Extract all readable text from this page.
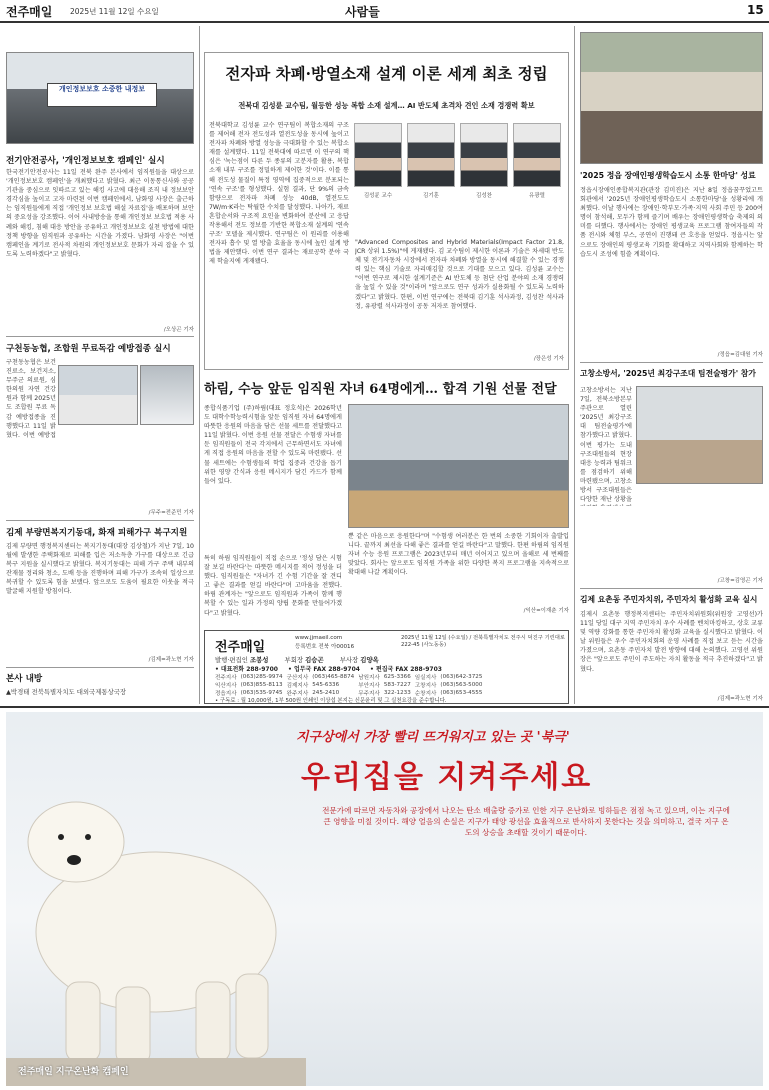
전주매일 2025년 11월 12일 수요일	사람들	15
개인정보보호 소중한 내정보
전기안전공사, '개인정보보호 캠페인' 실시
한국전기안전공사는 11일 전북 완주 본사에서 임직원들을 대상으로 '개인정보보호 캠페인'을 개최했다고 밝혔다. 최근 이동통신사와 공공기관을 중심으로 잇따르고 있는 해킹 사고에 대응해 조직 내 정보보안 경각심을 높이고 고자 마련된 이번 캠페인에서, 남화영 사장은 출근하는 임직원들에게 직접 '개인정보 보호법 해설 자료집'을 배포하며 보안의 중요성을 강조했다. 이어 사내방송을 통해 개인정보 보호법 적용 사례와 해킹, 침해 대응 방안을 공유하고 개인정보보호 실천 방법에 대한 정책 방향을 임직원과 공유하는 시간을 가졌다. 남화영 사장은 "이번 캠페인을 계기로 전사적 차원의 개인정보보호 문화가 자리 잡을 수 있도록 노력하겠다"고 밝혔다.
/오상곤 기자
구천동농협, 조합원 무료독감 예방접종 실시
구천동농협은 보건진료소, 보건지소, 무주군 의료원, 심한의원 자연 건강원과 함께 2025년도 조합원 무료 독감 예방접종을 진행했다고 11일 밝혔다. 이번 예방접
/무주=전준민 기자
김제 부량면복지기동대, 화재 피해가구 복구지원
김제 부량면 행정복지센터는 복지기동대(대장 김상철)가 지난 7일, 10월에 발생한 주택화재로 피해를 입은 저소득층 가구를 대상으로 긴급 복구 지원을 실시했다고 밝혔다. 복지기동대는 피해 가구 주택 내부의 잔재물 정리와 청소, 도배 등을 진행하며 피해 가구가 조속히 일상으로 복귀할 수 있도록 힘을 보탰다. 앞으로도 도움이 필요한 이웃을 적극 발굴해 지원할 방침이다.
/김제=곽노현 기자
본사 내방
▲박경태 전북특별자치도 대외국제통상국장
전자파 차폐·방열소재 설계 이론 세계 최초 정립
전북대 김성륜 교수팀, 월등한 성능 복합 소재 설계… AI 반도체 초격차 견인 소재 경쟁력 확보
전북대학교 김성륜 교수 연구팀이 복합소재의 구조를 제어해 전자 전도성과 열전도성을 동시에 높이고 전자파 차폐와 방열 성능을 극대화할 수 있는 복합소재를 설계했다. 11일 전북대에 따르면 이 연구의 핵심은 '녹는점이 다른 두 종류의 고분자를 활용, 복합소재 내부 구조를 정밀하게 제어한 것'이다. 이를 통해 전도성 물질이 특정 영역에 집중적으로 분포되는 '연속 구조'를 형성했다. 실험 결과, 단 9%의 금속 함량으로 전자파 차폐 성능 40dB, 열전도도 7W/m·K라는 탁월한 수치를 달성했다. 나아가, 재료 혼합순서와 구조적 요인을 변화하여 분산에 고 응답 작용해서 전도 정보를 기반한 복합소재 설계의 '연속 구조' 모델을 제시했다. 연구팀은 이 원리를 이용해 전자파 흡수 및 열 방출 효율을 동시에 높인 설계 방법을 제안했다. 이번 연구 결과는 재료공학 분야 국제 학술지에 게재됐다.
김성륜 교수	김기훈	김성찬	유광렬
"Advanced Composites and Hybrid Materials(Impact Factor 21.8, JCR 상위 1.5%)"에 게재됐다. 김 교수팀이 제시한 이론과 기술은 차세대 반도체 및 전기자동차 시장에서 전자파 차폐와 방열을 동시에 해결할 수 있는 경쟁력 있는 핵심 기술로 자리매김할 것으로 기대를 모으고 있다. 김성륜 교수는 "이번 연구로 제시한 설계기준은 AI 반도체 등 첨단 산업 분야의 소재 경쟁력을 높일 수 있을 것"이라며 "앞으로도 연구 성과가 실용화될 수 있도록 노력하겠다"고 밝혔다. 한편, 이번 연구에는 전북대 김기훈 석사과정, 김성찬 석사과정, 유광렬 석사과정이 공동 저자로 참여했다.
/장은성 기자
하림, 수능 앞둔 임직원 자녀 64명에게… 합격 기원 선물 전달
종합식품기업 (주)하림(대표 정호석)은 2026학년도 대학수학능력시험을 앞둔 임직원 자녀 64명에게 따뜻한 응원의 마음을 담은 선물 세트를 전달했다고 11일 밝혔다. 이번 응원 선물 전달은 수험생 자녀를 둔 임직원들이 전국 각지에서 근무하면서도 자녀에게 직접 응원의 마음을 전할 수 있도록 마련됐다. 선물 세트에는 수험생들의 학업 집중과 건강을 돕기 위한 영양 간식과 응원 메시지가 담긴 카드가 함께 들어 있다.
특히 하림 임직원들이 직접 손으로 '정성 담은 시험 잘 보길 바란다'는 따뜻한 메시지를 적어 정성을 더했다. 임직원들은 "자녀가 긴 수험 기간을 잘 견디고 좋은 결과를 얻길 바란다"며 고마움을 전했다. 하림 관계자는 "앞으로도 임직원과 가족이 함께 행복할 수 있는 일과 가정의 양립 문화를 만들어가겠다"고 밝혔다.
뿐 같은 마음으로 응원한다"며 "수험생 여러분은 한 번의 소중한 기회이자 출발입니다. 끝까지 최선을 다해 좋은 결과를 얻길 바란다"고 말했다. 한편 하림의 임직원 자녀 수능 응원 프로그램은 2023년부터 매년 이어지고 있으며 올해로 세 번째를 맞았다. 회사는 앞으로도 임직원 가족을 위한 다양한 복지 프로그램을 지속적으로 확대해 나갈 계획이다.
/익산=이재춘 기자
전주매일
www.jjmaeil.com
등록번호 전북 아00016
2025년 11월 12일 (수요일) / 전북특별자치도 전주시 덕진구 기린대로 222-45 (사노동동)
발행·편집인 조봉성	부회장 김승곤	부사장 김양옥
• 대표전화 288-9700 • 업무국 FAX 288-9704 • 편집국 FAX 288-9703
전주지사	(063)285-9974	군산지사	(063)465-8874	남원지사	625-3366	임실지사	(063)642-3725
익산지사	(063)855-8113	김제지사	545-6336	부안지사	583-7227	고창지사	(063)563-5000
정읍지사	(063)535-9745	완주지사	245-2410	무주지사	322-1233	순창지사	(063)653-4555
• 구독료 : 월 10,000원, 1부 500원 인쇄인 이상섭 본지는 신문윤리 및 그 실천요강을 준수합니다.
'2025 정읍 장애인평생학습도시 소통 한마당' 성료
정읍시장애인종합복지관(관장 김미진)은 지난 8일 정읍꿈꾸었고트회관에서 '2025년 장애인평생학습도시 소통한마당'을 성황리에 개최했다. 이날 행사에는 장애인·학부모·가족·지역 사회 주민 등 200여 명이 참석해, 모두가 함께 즐기며 배우는 장애인평생학습 축제의 의미를 더했다. 행사에서는 장애인 평생교육 프로그램 참여자들의 작품 전시와 체험 부스, 공연이 진행돼 큰 호응을 얻었다. 정읍시는 앞으로도 장애인의 평생교육 기회를 확대하고 지역사회와 함께하는 학습도시 조성에 힘쓸 계획이다.
/정읍=김대원 기자
고창소방서, '2025년 최강구조대 팀전술평가' 참가
고창소방서는 지난 7일, 전북소방본부 주관으로 열린 '2025년 최강구조대 팀전술평가'에 참가했다고 밝혔다. 이번 평가는 도내 구조대원들의 현장 대응 능력과 팀워크를 점검하기 위해 마련됐으며, 고창소방서 구조대원들은 다양한 재난 상황을
/고창=김영곤 기자
김제 요촌동 주민자치위, 주민자치 활성화 교육 실시
김제시 요촌동 행정복지센터는 주민자치위원회(위원장 고영선)가 11일 당일 대구 지역 주민자치 우수 사례를 벤치마킹하고, 상호 교류 및 역량 강화를 통한 주민자치 활성화 교육을 실시했다고 밝혔다. 이날 위원들은 우수 주민자치회의 운영 사례를 직접 보고 듣는 시간을 가졌으며, 요촌동 주민자치 발전 방향에 대해 논의했다. 고영선 위원장은 "앞으로도 주민이 주도하는 자치 활동을 적극 추진하겠다"고 밝혔다.
/김제=곽노현 기자
지구상에서 가장 빨리 뜨거워지고 있는 곳 '북극'
우리집을 지켜주세요
전문가에 따르면 자동차와 공장에서 나오는 탄소 배출량 증가로 인한 지구 온난화로 빙하들은 점점 녹고 있으며, 이는 지구에 큰 영향을 미칠 것이다. 해양 얼음의 손실은 지구가 태양 광선을 효율적으로 반사하지 못한다는 것을 의미하고, 결국 지구 온도의 상승을 초래할 것이기 때문이다.
전주매일 지구온난화 캠페인
